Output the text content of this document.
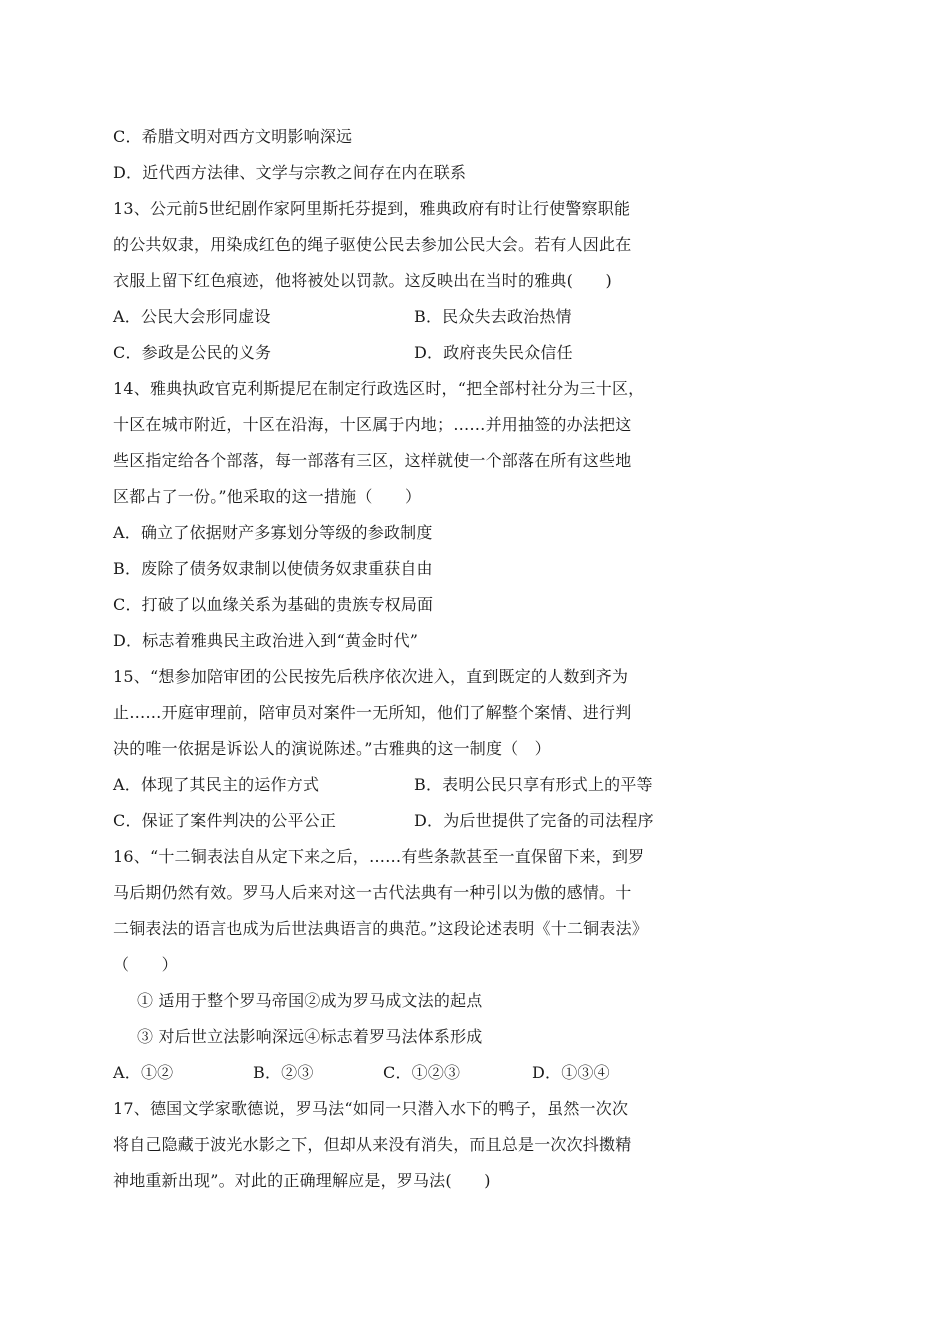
C．希腊文明对西方文明影响深远
D．近代西方法律、文学与宗教之间存在内在联系
13、公元前5世纪剧作家阿里斯托芬提到，雅典政府有时让行使警察职能
的公共奴隶，用染成红色的绳子驱使公民去参加公民大会。若有人因此在
衣服上留下红色痕迹，他将被处以罚款。这反映出在当时的雅典(　　)
A．公民大会形同虚设	B．民众失去政治热情
C．参政是公民的义务	D．政府丧失民众信任
14、雅典执政官克利斯提尼在制定行政选区时，“把全部村社分为三十区，
十区在城市附近，十区在沿海，十区属于内地；……并用抽签的办法把这
些区指定给各个部落，每一部落有三区，这样就使一个部落在所有这些地
区都占了一份。”他采取的这一措施（　　）
A．确立了依据财产多寡划分等级的参政制度
B．废除了债务奴隶制以使债务奴隶重获自由
C．打破了以血缘关系为基础的贵族专权局面
D．标志着雅典民主政治进入到“黄金时代”
15、“想参加陪审团的公民按先后秩序依次进入，直到既定的人数到齐为
止……开庭审理前，陪审员对案件一无所知，他们了解整个案情、进行判
决的唯一依据是诉讼人的演说陈述。”古雅典的这一制度（　）
A．体现了其民主的运作方式	B．表明公民只享有形式上的平等
C．保证了案件判决的公平公正	D．为后世提供了完备的司法程序
16、“十二铜表法自从定下来之后，……有些条款甚至一直保留下来，到罗
马后期仍然有效。罗马人后来对这一古代法典有一种引以为傲的感情。十
二铜表法的语言也成为后世法典语言的典范。”这段论述表明《十二铜表法》
（　　）
① 适用于整个罗马帝国②成为罗马成文法的起点
③ 对后世立法影响深远④标志着罗马法体系形成
A．①②	B．②③	C．①②③	D．①③④
17、德国文学家歌德说，罗马法“如同一只潜入水下的鸭子，虽然一次次
将自己隐藏于波光水影之下，但却从来没有消失，而且总是一次次抖擞精
神地重新出现”。对此的正确理解应是，罗马法(　　)
